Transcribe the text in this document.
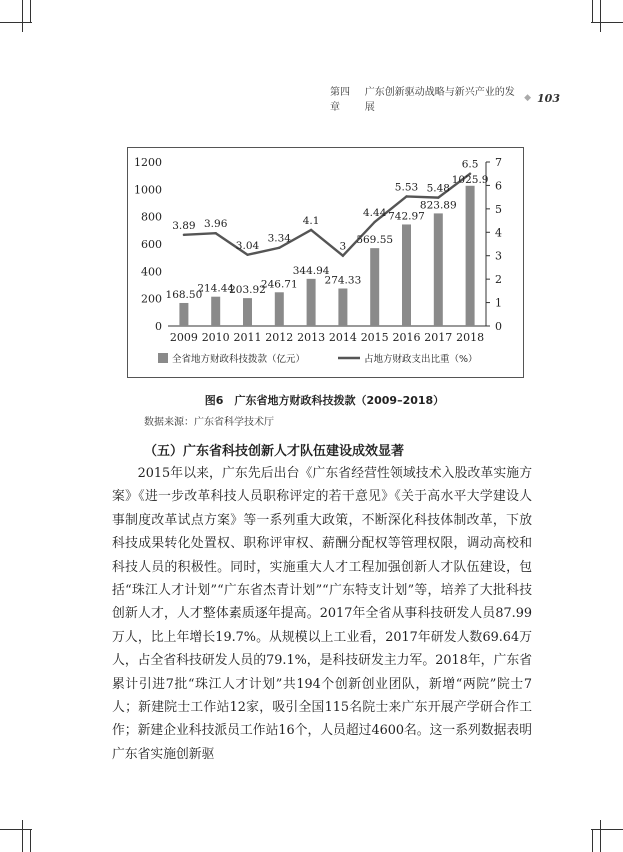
第四章
广东创新驱动战略与新兴产业的发展
◆ 103
0
200
400
600
800
1000
1200
0
1
2
3
4
5
6
7
2009 2010 2011 2012 2013 2014 2015 2016 2017 2018
168.50
214.44
203.92
246.71
344.94
274.33
569.55
742.97
823.89
1025.9
3.89 3.96
3.04
3.34
4.1
3
4.44
5.53 5.48
6.5
全省地方财政科技拨款（亿元）	占地方财政支出比重（%）
图6　广东省地方财政科技拨款（2009–2018）
数据来源：广东省科学技术厅
（五）广东省科技创新人才队伍建设成效显著
2015年以来，广东先后出台《广东省经营性领域技术入股改革实施方案》《进一步改革科技人员职称评定的若干意见》《关于高水平大学建设人事制度改革试点方案》等一系列重大政策，不断深化科技体制改革，下放科技成果转化处置权、职称评审权、薪酬分配权等管理权限，调动高校和科技人员的积极性。同时，实施重大人才工程加强创新人才队伍建设，包括“珠江人才计划”“广东省杰青计划”“广东特支计划”等，培养了大批科技创新人才，人才整体素质逐年提高。2017年全省从事科技研发人员87.99万人，比上年增长19.7%。从规模以上工业看，2017年研发人数69.64万人，占全省科技研发人员的79.1%，是科技研发主力军。2018年，广东省累计引进7批“珠江人才计划”共194个创新创业团队，新增“两院”院士7人；新建院士工作站12家，吸引全国115名院士来广东开展产学研合作工作；新建企业科技派员工作站16个，人员超过4600名。这一系列数据表明广东省实施创新驱
